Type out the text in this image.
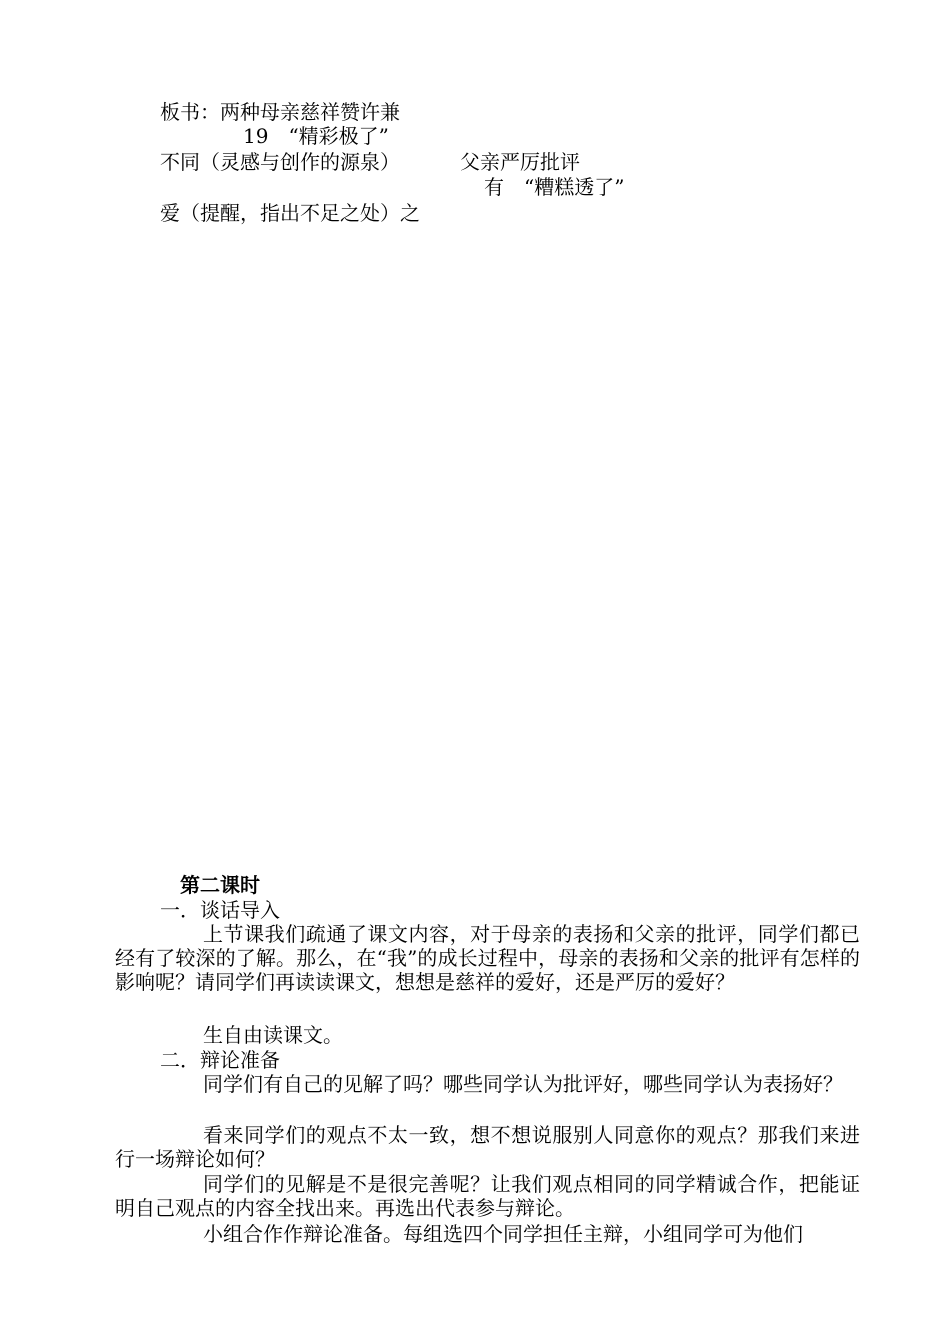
板书：两种母亲慈祥赞许兼
19　“精彩极了”
不同（灵感与创作的源泉）	父亲严厉批评
有　“糟糕透了”
爱（提醒，指出不足之处）之
第二课时
一．谈话导入
上节课我们疏通了课文内容，对于母亲的表扬和父亲的批评，同学们都已经有了较深的了解。那么，在“我”的成长过程中，母亲的表扬和父亲的批评有怎样的影响呢？请同学们再读读课文，想想是慈祥的爱好，还是严厉的爱好？
生自由读课文。
二．辩论准备
同学们有自己的见解了吗？哪些同学认为批评好，哪些同学认为表扬好？
看来同学们的观点不太一致，想不想说服别人同意你的观点？那我们来进行一场辩论如何？
同学们的见解是不是很完善呢？让我们观点相同的同学精诚合作，把能证明自己观点的内容全找出来。再选出代表参与辩论。
小组合作作辩论准备。每组选四个同学担任主辩，小组同学可为他们
